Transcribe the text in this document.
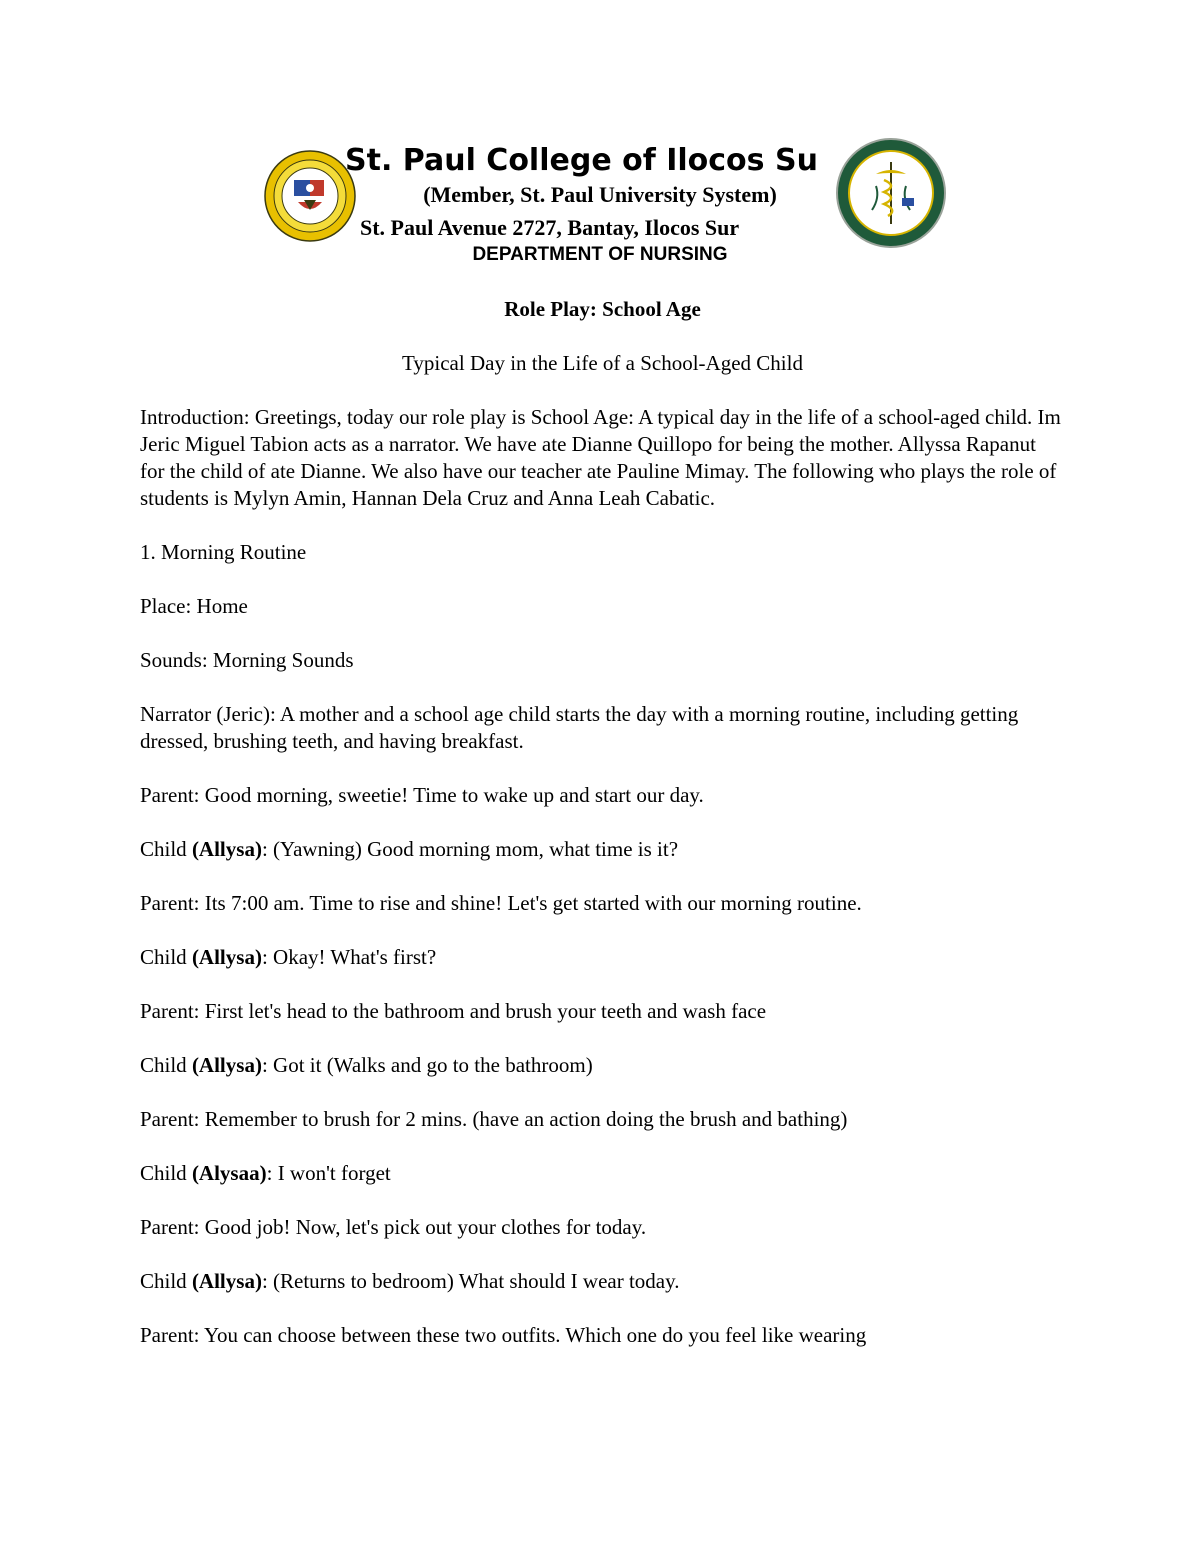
St. Paul College of Ilocos Su
(Member, St. Paul University System)
St. Paul Avenue 2727, Bantay, Ilocos Sur
DEPARTMENT OF NURSING

Role Play: School Age

Typical Day in the Life of a School-Aged Child

Introduction: Greetings, today our role play is School Age: A typical day in the life of a school-aged child. Im Jeric Miguel Tabion acts as a narrator. We have ate Dianne Quillopo for being the mother. Allyssa Rapanut for the child of ate Dianne. We also have our teacher ate Pauline Mimay. The following who plays the role of students is Mylyn Amin, Hannan Dela Cruz and Anna Leah Cabatic.

1. Morning Routine

Place: Home

Sounds: Morning Sounds

Narrator (Jeric): A mother and a school age child starts the day with a morning routine, including getting dressed, brushing teeth, and having breakfast.

Parent: Good morning, sweetie! Time to wake up and start our day.

Child (Allysa): (Yawning) Good morning mom, what time is it?

Parent: Its 7:00 am. Time to rise and shine! Let's get started with our morning routine.

Child (Allysa): Okay! What's first?

Parent: First let's head to the bathroom and brush your teeth and wash face

Child (Allysa): Got it (Walks and go to the bathroom)

Parent: Remember to brush for 2 mins. (have an action doing the brush and bathing)

Child (Alysaa): I won't forget

Parent: Good job! Now, let's pick out your clothes for today.

Child (Allysa): (Returns to bedroom) What should I wear today.

Parent: You can choose between these two outfits. Which one do you feel like wearing
